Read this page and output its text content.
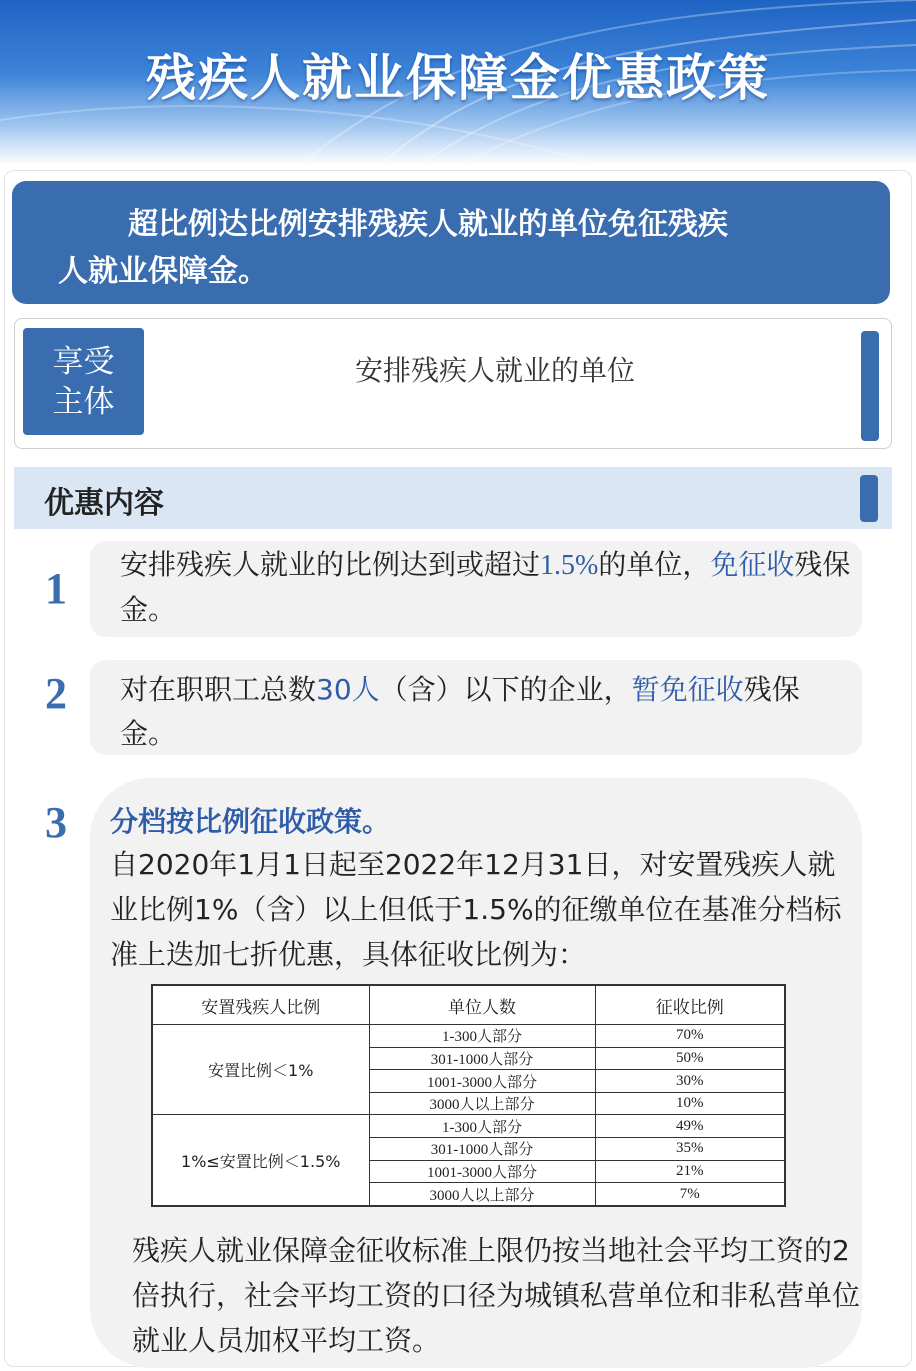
残疾人就业保障金优惠政策
超比例达比例安排残疾人就业的单位免征残疾
人就业保障金。
享受
主体
安排残疾人就业的单位
优惠内容
1	安排残疾人就业的比例达到或超过1.5%的单位，免征收残保金。
2	对在职职工总数30人（含）以下的企业，暂免征收残保金。
3 分档按比例征收政策。
自2020年1月1日起至2022年12月31日，对安置残疾人就业比例1%（含）以上但低于1.5%的征缴单位在基准分档标准上迭加七折优惠，具体征收比例为：
安置残疾人比例	单位人数	征收比例
安置比例＜1%	1-300人部分	70%
	301-1000人部分	50%
	1001-3000人部分	30%
	3000人以上部分	10%
1%≤安置比例＜1.5%	1-300人部分	49%
	301-1000人部分	35%
	1001-3000人部分	21%
	3000人以上部分	7%
残疾人就业保障金征收标准上限仍按当地社会平均工资的2倍执行，社会平均工资的口径为城镇私营单位和非私营单位就业人员加权平均工资。
